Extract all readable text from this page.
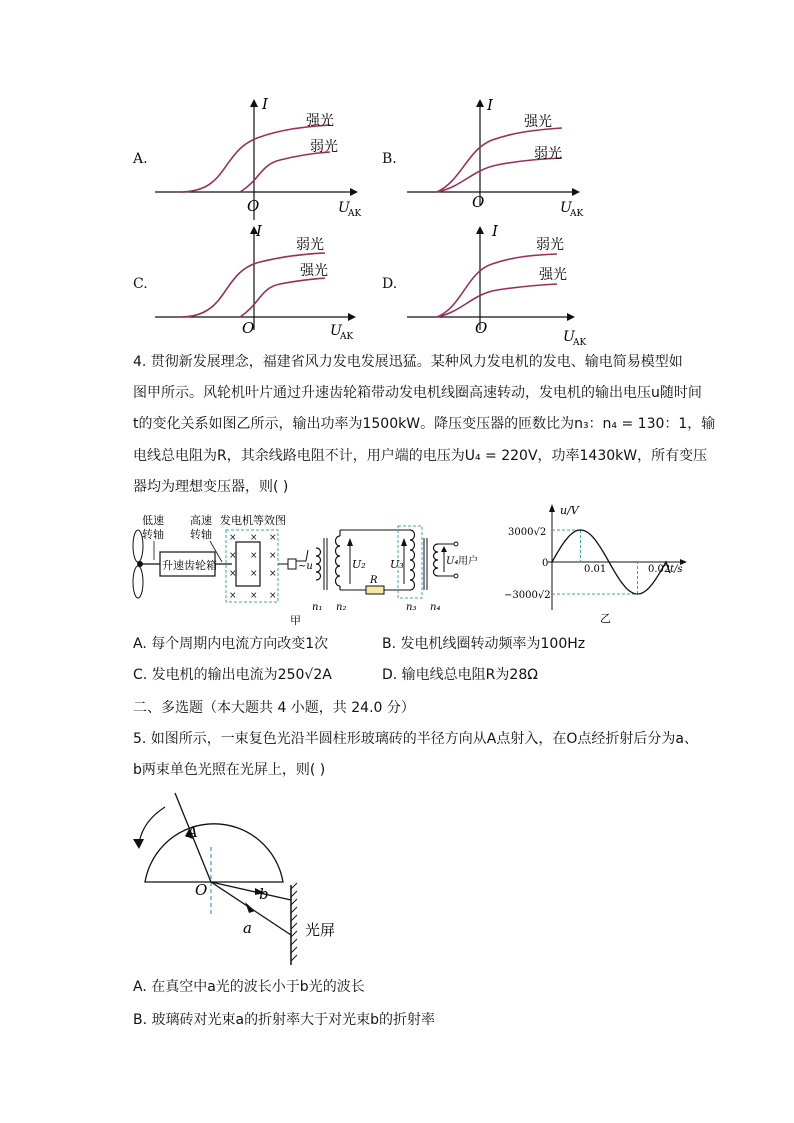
A.
I
O	U
AK
强光
弱光
B.
I
O	U
AK
强光
弱光
C.
I
O	U
AK
弱光
强光
D.
I
O	U
AK
弱光
强光
4. 贯彻新发展理念，福建省风力发电发展迅猛。某种风力发电机的发电、输电简易模型如
图甲所示。风轮机叶片通过升速齿轮箱带动发电机线圈高速转动，发电机的输出电压u随时间
t的变化关系如图乙所示，输出功率为1500kW。降压变压器的匝数比为n₃：n₄ = 130：1，输
电线总电阻为R，其余线路电阻不计，用户端的电压为U₄ = 220V，功率1430kW，所有变压
器均为理想变压器，则( )
低速
转轴
升速齿轮箱
高速
转轴
发电机等效图
× × ×
× × ×
× × ×
× × ×
~u
n₁ n₂
U₂
R
U₃
n₃ n₄
U₄ 用户
甲
u/V
t/s
3000√2
0
−3000√2
0.01	0.02
乙
A. 每个周期内电流方向改变1次	B. 发电机线圈转动频率为100Hz
C. 发电机的输出电流为250√2A	D. 输电线总电阻R为28Ω
二、多选题（本大题共 4 小题，共 24.0 分）
5. 如图所示，一束复色光沿半圆柱形玻璃砖的半径方向从A点射入，在O点经折射后分为a、
b两束单色光照在光屏上，则( )
A
O	b
a	光屏
A. 在真空中a光的波长小于b光的波长
B. 玻璃砖对光束a的折射率大于对光束b的折射率
